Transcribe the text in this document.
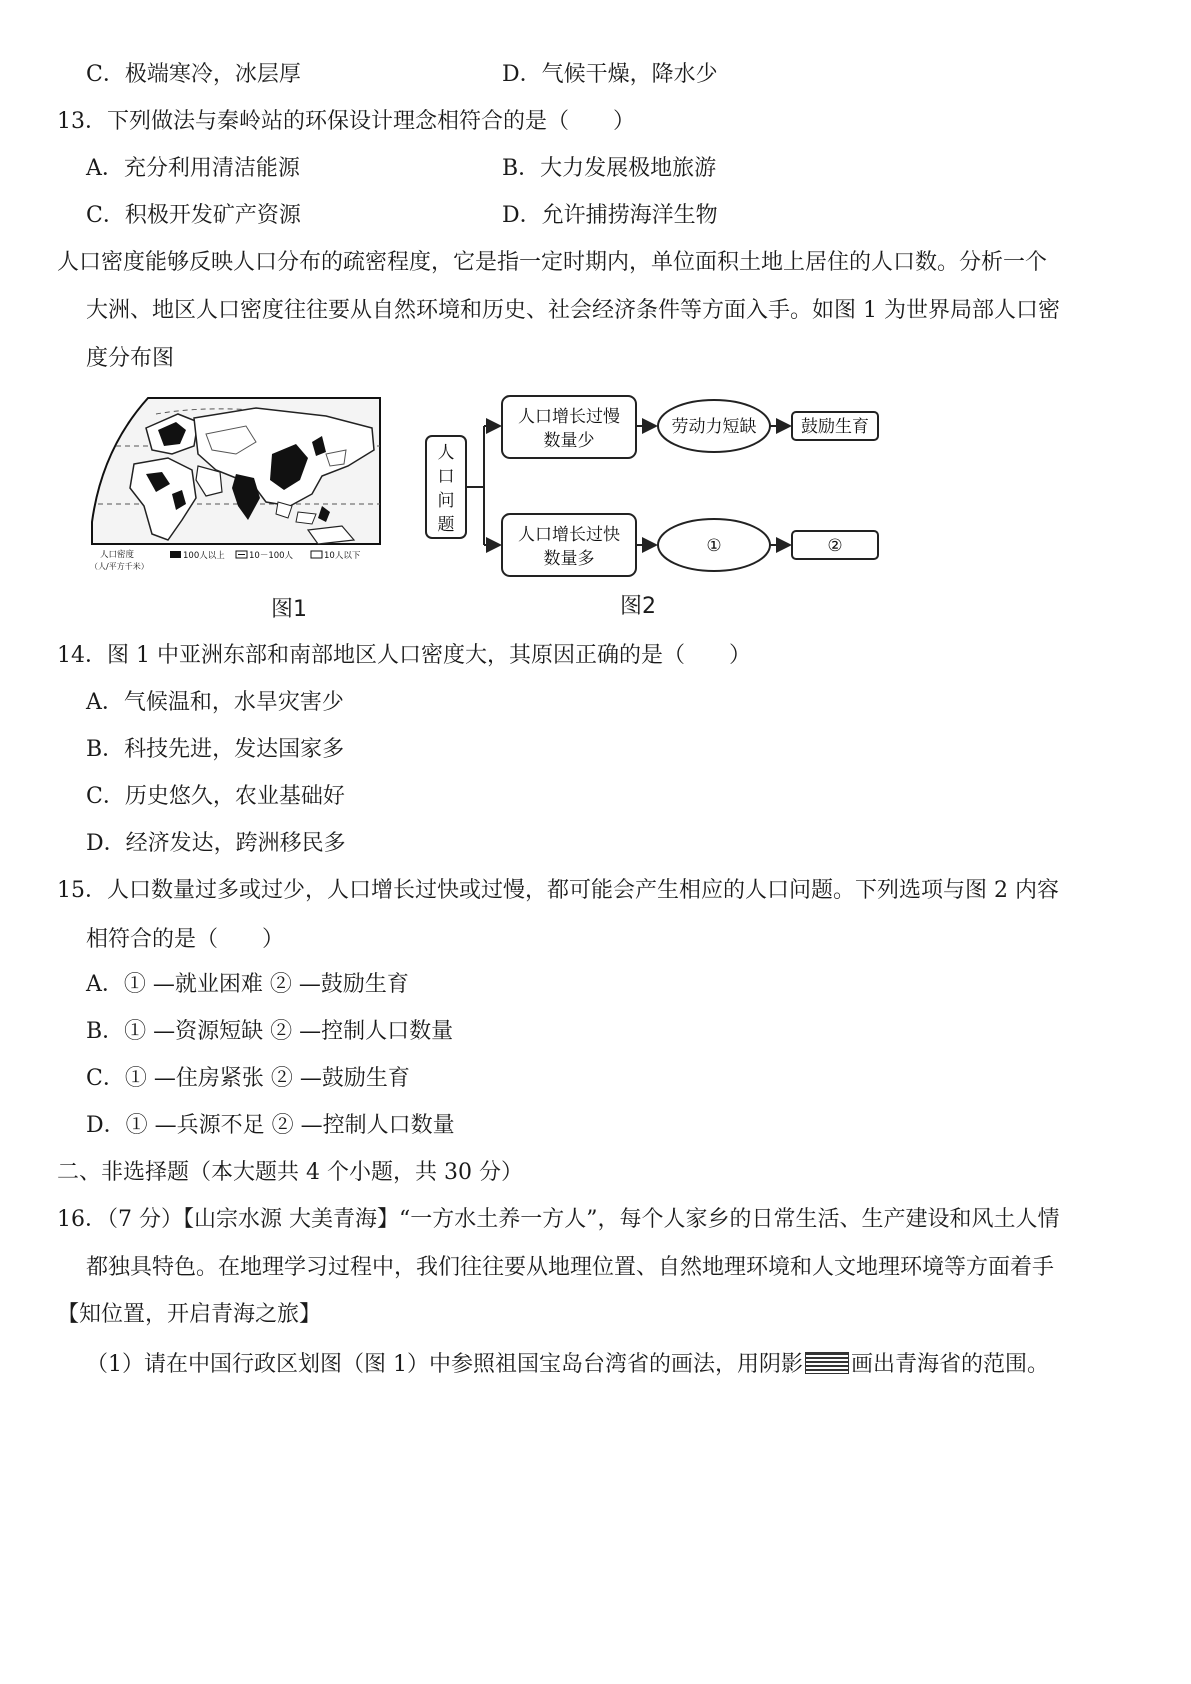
C．极端寒冷，冰层厚	D．气候干燥，降水少
13．下列做法与秦岭站的环保设计理念相符合的是（　　）
A．充分利用清洁能源	B．大力发展极地旅游
C．积极开发矿产资源	D．允许捕捞海洋生物
人口密度能够反映人口分布的疏密程度，它是指一定时期内，单位面积土地上居住的人口数。分析一个
大洲、地区人口密度往往要从自然环境和历史、社会经济条件等方面入手。如图 1 为世界局部人口密
度分布图
人口密度
（人/平方千米）
100人以上	10－100人	10人以下
图1
人
口
问
题
人口增长过慢
数量少
劳动力短缺	鼓励生育
人口增长过快
数量多
①	②
图2
14．图 1 中亚洲东部和南部地区人口密度大，其原因正确的是（　　）
A．气候温和，水旱灾害少
B．科技先进，发达国家多
C．历史悠久，农业基础好
D．经济发达，跨洲移民多
15．人口数量过多或过少，人口增长过快或过慢，都可能会产生相应的人口问题。下列选项与图 2 内容
相符合的是（　　）
A．① —就业困难 ② —鼓励生育
B．① —资源短缺 ② —控制人口数量
C．① —住房紧张 ② —鼓励生育
D．① —兵源不足 ② —控制人口数量
二、非选择题（本大题共 4 个小题，共 30 分）
16．（7 分）【山宗水源 大美青海】“一方水土养一方人”，每个人家乡的日常生活、生产建设和风土人情
都独具特色。在地理学习过程中，我们往往要从地理位置、自然地理环境和人文地理环境等方面着手
【知位置，开启青海之旅】
（1）请在中国行政区划图（图 1）中参照祖国宝岛台湾省的画法，用阴影 画出青海省的范围。
